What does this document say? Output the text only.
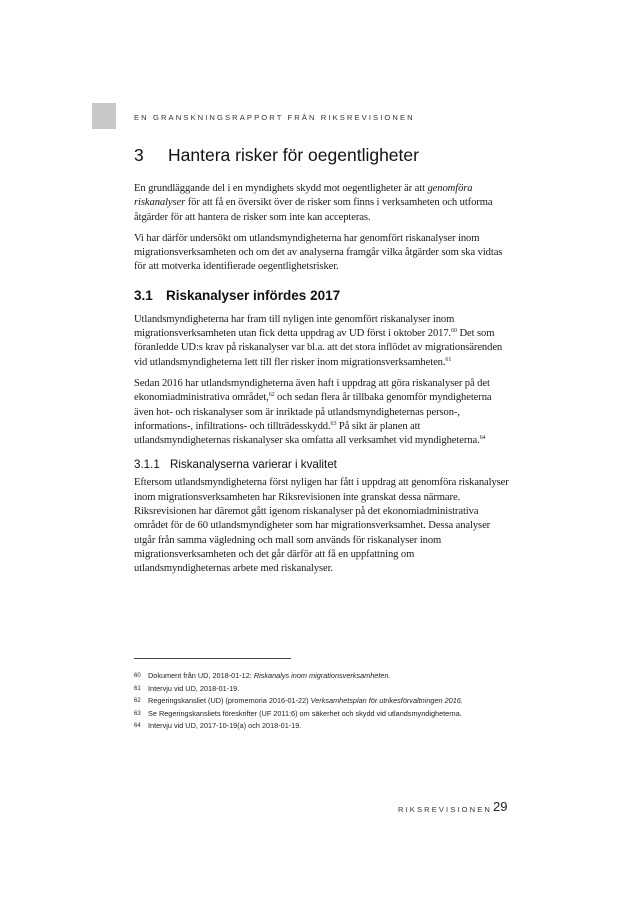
EN GRANSKNINGSRAPPORT FRÅN RIKSREVISIONEN
3 Hantera risker för oegentligheter

En grundläggande del i en myndighets skydd mot oegentligheter är att genomföra riskanalyser för att få en översikt över de risker som finns i verksamheten och utforma åtgärder för att hantera de risker som inte kan accepteras.

Vi har därför undersökt om utlandsmyndigheterna har genomfört riskanalyser inom migrationsverksamheten och om det av analyserna framgår vilka åtgärder som ska vidtas för att motverka identifierade oegentlighetsrisker.

3.1 Riskanalyser infördes 2017

Utlandsmyndigheterna har fram till nyligen inte genomfört riskanalyser inom migrationsverksamheten utan fick detta uppdrag av UD först i oktober 2017.60 Det som föranledde UD:s krav på riskanalyser var bl.a. att det stora inflödet av migrationsärenden vid utlandsmyndigheterna lett till fler risker inom migrationsverksamheten.$^{61}$

Sedan 2016 har utlandsmyndigheterna även haft i uppdrag att göra riskanalyser på det ekonomiadministrativa området,$^{62}$ och sedan flera år tillbaka genomför myndigheterna även hot- och riskanalyser som är inriktade på utlandsmyndigheternas person-, informations-, infiltrations- och tillträdesskydd.$^{63}$ På sikt är planen att utlandsmyndigheternas riskanalyser ska omfatta all verksamhet vid myndigheterna.$^{64}$

3.1.1 Riskanalyserna varierar i kvalitet

Eftersom utlandsmyndigheterna först nyligen har fått i uppdrag att genomföra riskanalyser inom migrationsverksamheten har Riksrevisionen inte granskat dessa närmare. Riksrevisionen har däremot gått igenom riskanalyser på det ekonomiadministrativa området för de 60 utlandsmyndigheter som har migrationsverksamhet. Dessa analyser utgår från samma vägledning och mall som används för riskanalyser inom migrationsverksamheten och det går därför att få en uppfattning om utlandsmyndigheternas arbete med riskanalyser.

60 Dokument från UD, 2018-01-12: Riskanalys inom migrationsverksamheten.
61 Intervju vid UD, 2018-01-19.
62 Regeringskansliet (UD) (promemoria 2016-01-22) Verksamhetsplan för utrikesförvaltningen 2016.
63 Se Regeringskansliets föreskrifter (UF 2011:6) om säkerhet och skydd vid utlandsmyndigheterna.
64 Intervju vid UD, 2017-10-19(a) och 2018-01-19.
RIKSREVISIONEN 29
